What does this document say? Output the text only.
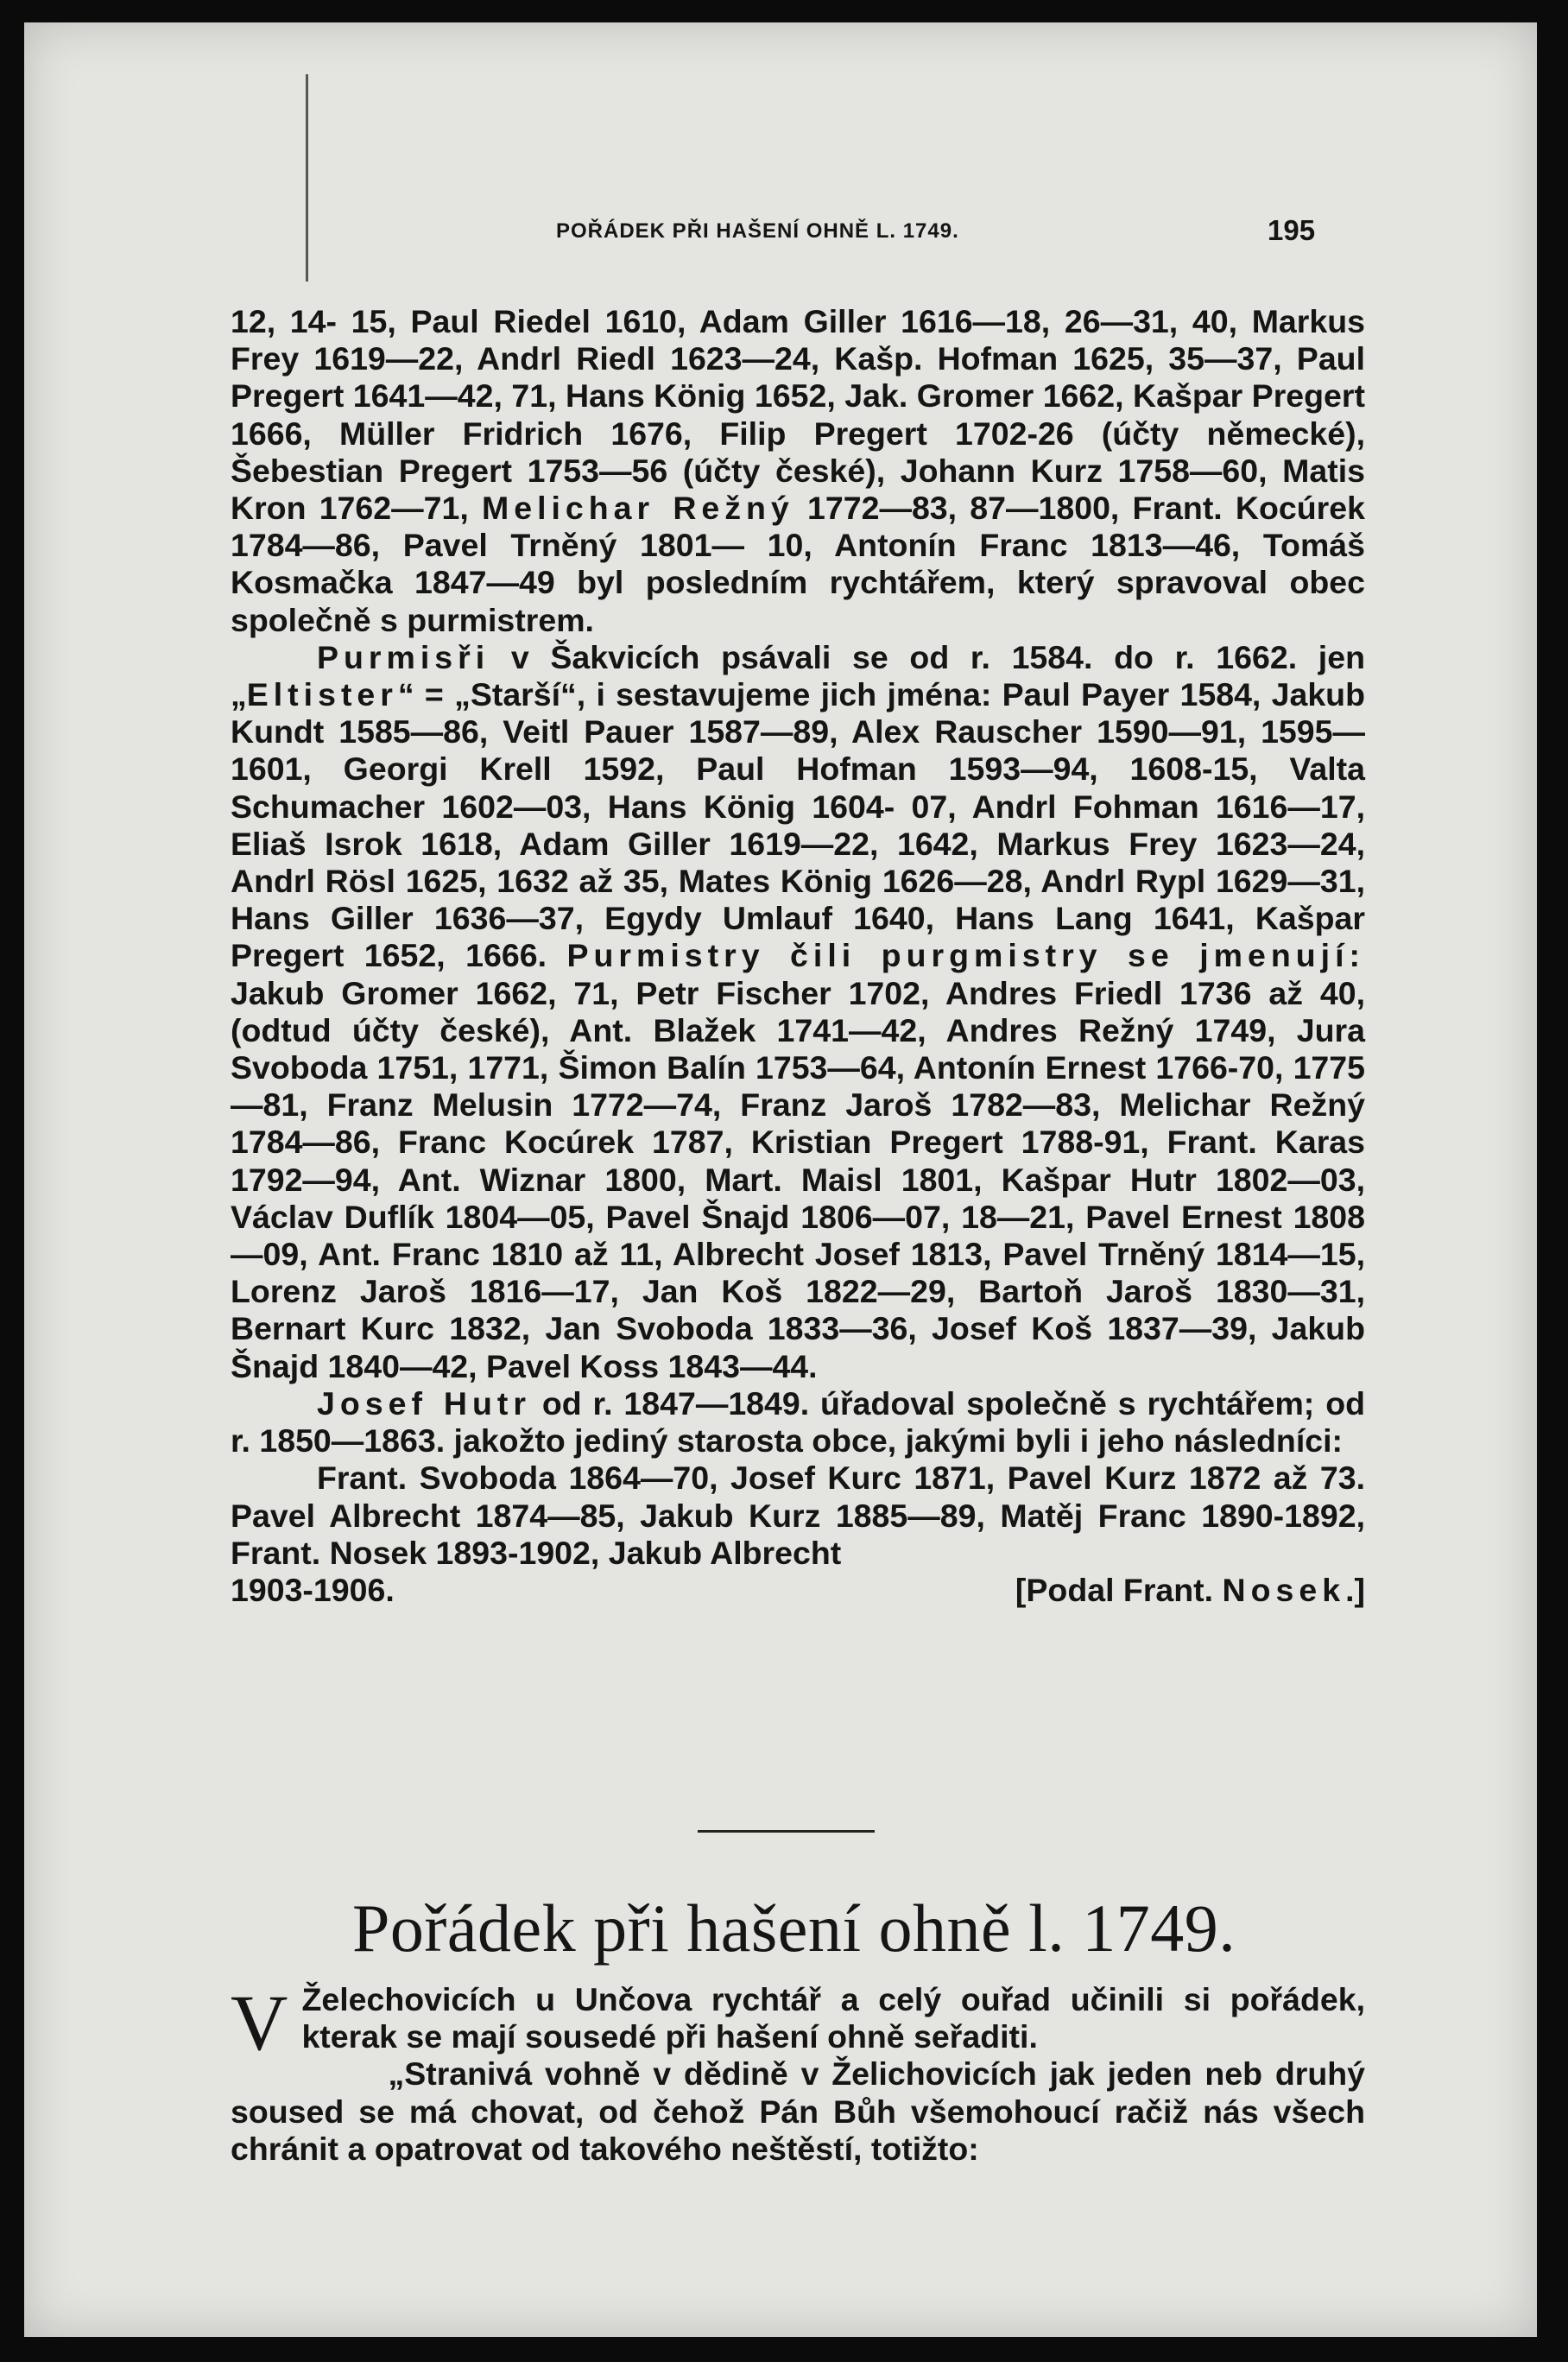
POŘÁDEK PŘI HAŠENÍ OHNĚ L. 1749.	195

12, 14- 15, Paul Riedel 1610, Adam Giller 1616—18, 26—31, 40, Markus Frey 1619—22, Andrl Riedl 1623—24, Kašp. Hofman 1625, 35—37, Paul Pregert 1641—42, 71, Hans König 1652, Jak. Gromer 1662, Kašpar Pregert 1666, Müller Fridrich 1676, Filip Pregert 1702-26 (účty německé), Šebestian Pregert 1753—56 (účty české), Johann Kurz 1758—60, Matis Kron 1762—71, Melichar Režný 1772—83, 87—1800, Frant. Kocúrek 1784—86, Pavel Trněný 1801— 10, Antonín Franc 1813—46, Tomáš Kosmačka 1847—49 byl posledním rychtářem, který spravoval obec společně s purmistrem.

Purmisři v Šakvicích psávali se od r. 1584. do r. 1662. jen „Eltister“ = „Starší“, i sestavujeme jich jména: Paul Payer 1584, Jakub Kundt 1585—86, Veitl Pauer 1587—89, Alex Rauscher 1590—91, 1595—1601, Georgi Krell 1592, Paul Hofman 1593—94, 1608-15, Valta Schumacher 1602—03, Hans König 1604- 07, Andrl Fohman 1616—17, Eliaš Isrok 1618, Adam Giller 1619—22, 1642, Markus Frey 1623—24, Andrl Rösl 1625, 1632 až 35, Mates König 1626—28, Andrl Rypl 1629—31, Hans Giller 1636—37, Egydy Umlauf 1640, Hans Lang 1641, Kašpar Pregert 1652, 1666. Purmistry čili purgmistry se jmenují: Jakub Gromer 1662, 71, Petr Fischer 1702, Andres Friedl 1736 až 40, (odtud účty české), Ant. Blažek 1741—42, Andres Režný 1749, Jura Svoboda 1751, 1771, Šimon Balín 1753—64, Antonín Ernest 1766-70, 1775—81, Franz Melusin 1772—74, Franz Jaroš 1782—83, Melichar Režný 1784—86, Franc Kocúrek 1787, Kristian Pregert 1788-91, Frant. Karas 1792—94, Ant. Wiznar 1800, Mart. Maisl 1801, Kašpar Hutr 1802—03, Václav Duflík 1804—05, Pavel Šnajd 1806—07, 18—21, Pavel Ernest 1808—09, Ant. Franc 1810 až 11, Albrecht Josef 1813, Pavel Trněný 1814—15, Lorenz Jaroš 1816—17, Jan Koš 1822—29, Bartoň Jaroš 1830—31, Bernart Kurc 1832, Jan Svoboda 1833—36, Josef Koš 1837—39, Jakub Šnajd 1840—42, Pavel Koss 1843—44.

Josef Hutr od r. 1847—1849. úřadoval společně s rychtářem; od r. 1850—1863. jakožto jediný starosta obce, jakými byli i jeho následníci:

Frant. Svoboda 1864—70, Josef Kurc 1871, Pavel Kurz 1872 až 73. Pavel Albrecht 1874—85, Jakub Kurz 1885—89, Matěj Franc 1890-1892, Frant. Nosek 1893-1902, Jakub Albrecht

1903-1906.	[Podal Frant. Nosek.]
Pořádek při hašení ohně l. 1749.
V Želechovicích u Unčova rychtář a celý ouřad učinili si pořádek, kterak se mají sousedé při hašení ohně seřaditi.

„Stranivá vohně v dědině v Želichovicích jak jeden neb druhý soused se má chovat, od čehož Pán Bůh všemohoucí račiž nás všech chránit a opatrovat od takového neštěstí, totižto:
